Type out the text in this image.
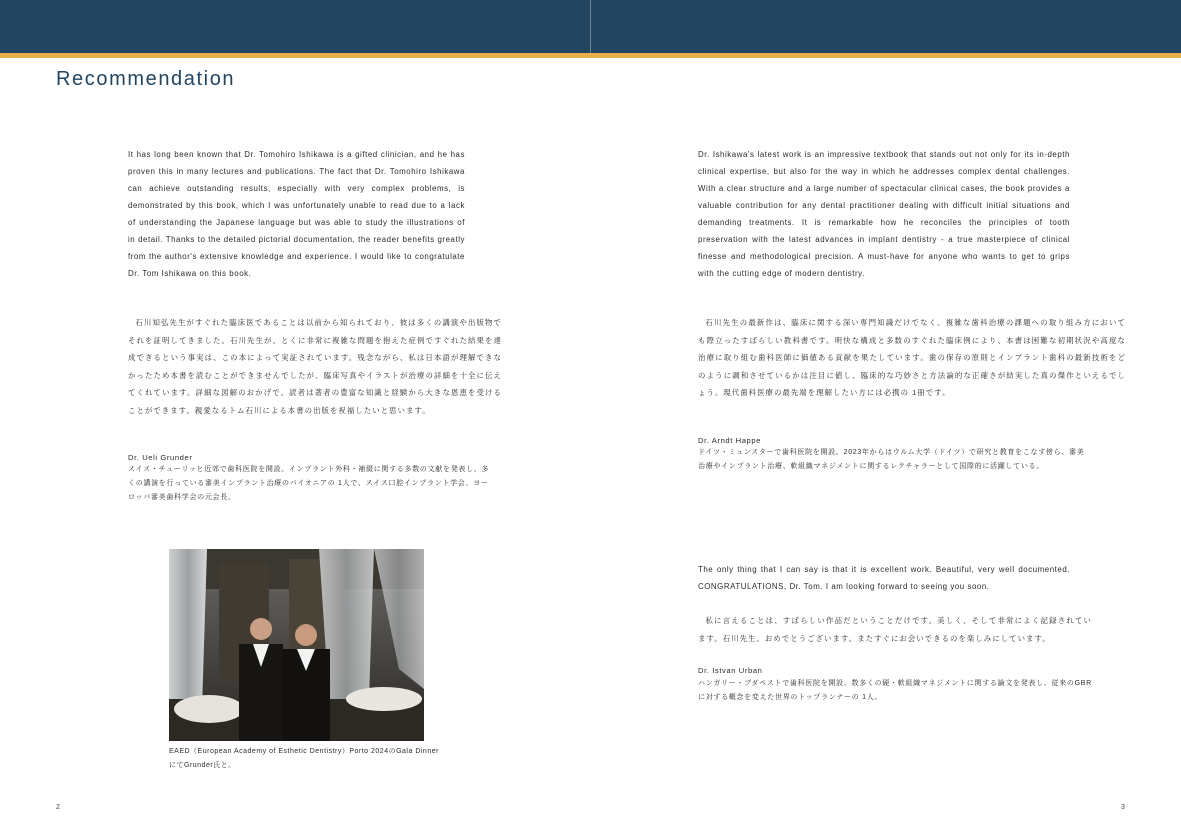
Recommendation

It has long been known that Dr. Tomohiro Ishikawa is a gifted clinician, and he has proven this in many lectures and publications. The fact that Dr. Tomohiro Ishikawa can achieve outstanding results, especially with very complex problems, is demonstrated by this book, which I was unfortunately unable to read due to a lack of understanding the Japanese language but was able to study the illustrations of in detail. Thanks to the detailed pictorial documentation, the reader benefits greatly from the author's extensive knowledge and experience. I would like to congratulate Dr. Tom Ishikawa on this book.

石川知弘先生がすぐれた臨床医であることは以前から知られており、彼は多くの講演や出版物でそれを証明してきました。石川先生が、とくに非常に複雑な問題を抱えた症例ですぐれた結果を達成できるという事実は、この本によって実証されています。残念ながら、私は日本語が理解できなかったため本書を読むことができませんでしたが、臨床写真やイラストが治療の詳細を十全に伝えてくれています。詳細な図解のおかげで、読者は著者の豊富な知識と経験から大きな恩恵を受けることができます。親愛なるトム石川による本書の出版を祝福したいと思います。

Dr. Ueli Grunder

スイス・チューリッヒ近郊で歯科医院を開設。インプラント外科・補綴に関する多数の文献を発表し、多くの講演を行っている審美インプラント治療のパイオニアの 1人で、スイス口腔インプラント学会、ヨーロッパ審美歯科学会の元会長。

EAED（European Academy of Esthetic Dentistry）Porto 2024のGala DinnerにてGrunder氏と。

2

Dr. Ishikawa's latest work is an impressive textbook that stands out not only for its in-depth clinical expertise, but also for the way in which he addresses complex dental challenges. With a clear structure and a large number of spectacular clinical cases, the book provides a valuable contribution for any dental practitioner dealing with difficult initial situations and demanding treatments. It is remarkable how he reconciles the principles of tooth preservation with the latest advances in implant dentistry - a true masterpiece of clinical finesse and methodological precision. A must-have for anyone who wants to get to grips with the cutting edge of modern dentistry.

石川先生の最新作は、臨床に関する深い専門知識だけでなく、複雑な歯科治療の課題への取り組み方においても際立ったすばらしい教科書です。明快な構成と多数のすぐれた臨床例により、本書は困難な初期状況や高度な治療に取り組む歯科医師に価値ある貢献を果たしています。歯の保存の原則とインプラント歯科の最新技術をどのように調和させているかは注目に値し、臨床的な巧妙さと方法論的な正確さが結実した真の傑作といえるでしょう。現代歯科医療の最先端を理解したい方には必携の 1冊です。

Dr. Arndt Happe

ドイツ・ミュンスターで歯科医院を開設。2023年からはウルム大学（ドイツ）で研究と教育をこなす傍ら、審美治療やインプラント治療、軟組織マネジメントに関するレクチャラーとして国際的に活躍している。

The only thing that I can say is that it is excellent work. Beautiful, very well documented. CONGRATULATIONS, Dr. Tom. I am looking forward to seeing you soon.

私に言えることは、すばらしい作品だということだけです。美しく、そして非常によく記録されています。石川先生、おめでとうございます。またすぐにお会いできるのを楽しみにしています。

Dr. Istvan Urban

ハンガリー・ブダペストで歯科医院を開設。数多くの硬・軟組織マネジメントに関する論文を発表し、従来のGBRに対する概念を変えた世界のトップランナーの 1人。

3
